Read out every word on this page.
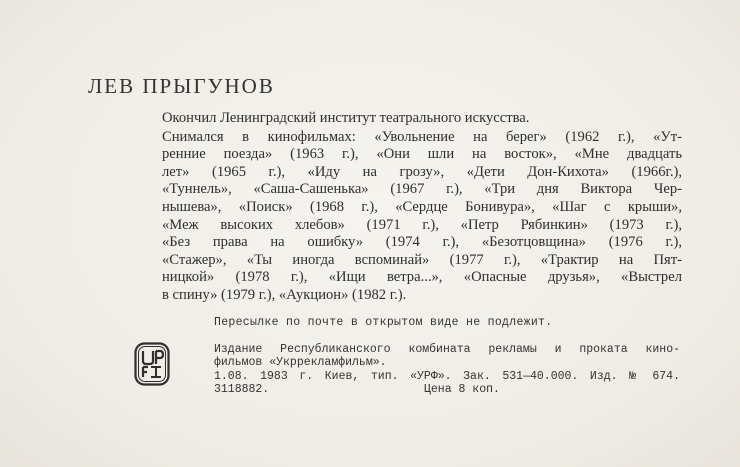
ЛЕВ ПРЫГУНОВ
Окончил Ленинградский институт театрального искусства.
Снимался в кинофильмах: «Увольнение на берег» (1962 г.), «Ут-
ренние поезда» (1963 г.), «Они шли на восток», «Мне двадцать
лет» (1965 г.), «Иду на грозу», «Дети Дон-Кихота» (1966г.),
«Туннель», «Саша-Сашенька» (1967 г.), «Три дня Виктора Чер-
нышева», «Поиск» (1968 г.), «Сердце Бонивура», «Шаг с крыши»,
«Меж высоких хлебов» (1971 г.), «Петр Рябинкин» (1973 г.),
«Без права на ошибку» (1974 г.), «Безотцовщина» (1976 г.),
«Стажер», «Ты иногда вспоминай» (1977 г.), «Трактир на Пят-
ницкой» (1978 г.), «Ищи ветра...», «Опасные друзья», «Выстрел
в спину» (1979 г.), «Аукцион» (1982 г.).
Пересылке по почте в открытом виде не подлежит.
Издание Республиканского комбината рекламы и проката кино-
фильмов «Укррекламфильм».
1.08. 1983 г. Киев, тип. «УРФ». Зак. 531—40.000. Изд. № 674.
3118882.	Цена 8 коп.
